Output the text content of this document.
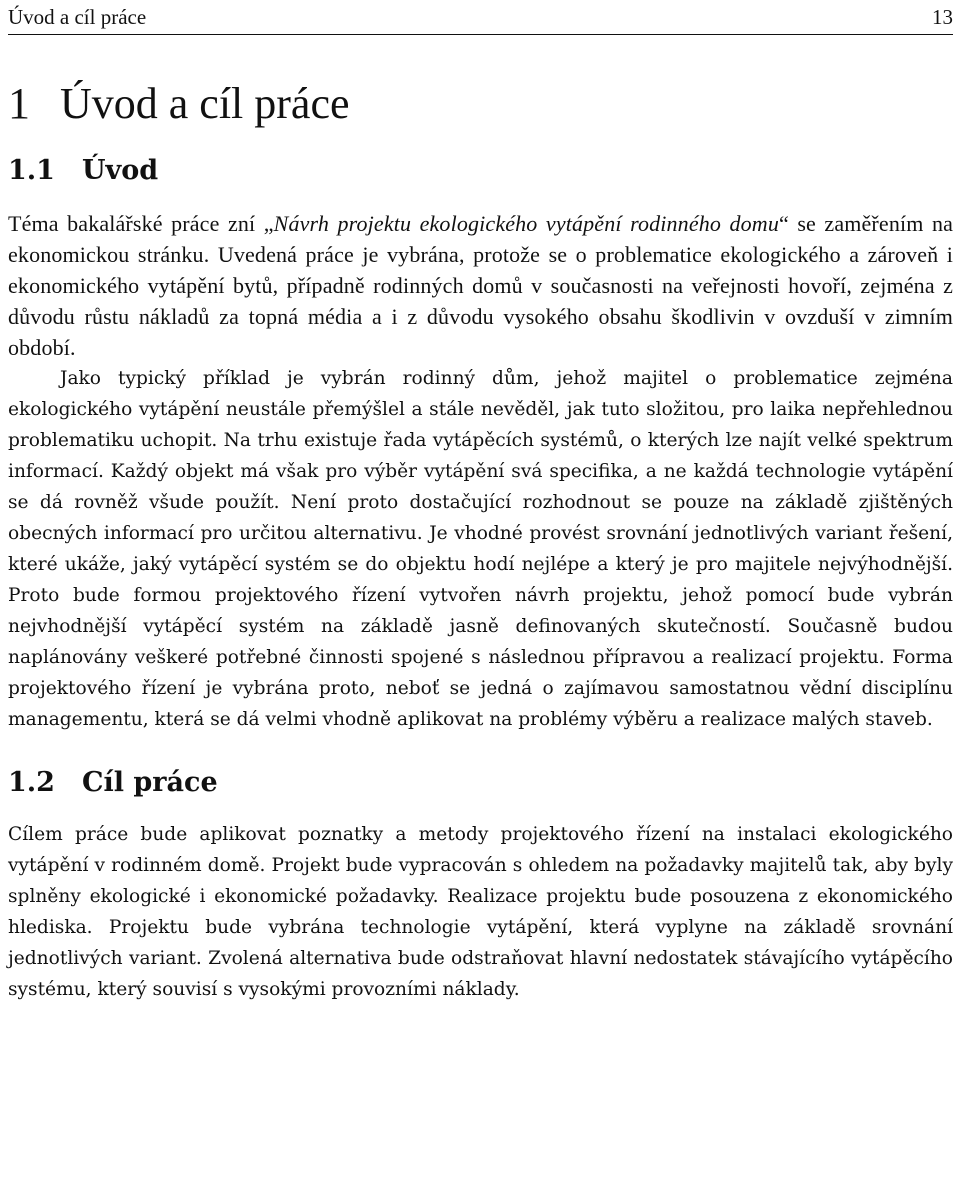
Úvod a cíl práce	13
1 Úvod a cíl práce
1.1 Úvod

Téma bakalářské práce zní „Návrh projektu ekologického vytápění rodinného domu“ se zaměřením na ekonomickou stránku. Uvedená práce je vybrána, protože se o problematice ekologického a zároveň i ekonomického vytápění bytů, případně rodinných domů v současnosti na veřejnosti hovoří, zejména z důvodu růstu nákladů za topná média a i z důvodu vysokého obsahu škodlivin v ovzduší v zimním období.

Jako typický příklad je vybrán rodinný dům, jehož majitel o problematice zejména ekologického vytápění neustále přemýšlel a stále nevěděl, jak tuto složitou, pro laika nepřehlednou problematiku uchopit. Na trhu existuje řada vytápěcích systémů, o kterých lze najít velké spektrum informací. Každý objekt má však pro výběr vytápění svá specifika, a ne každá technologie vytápění se dá rovněž všude použít. Není proto dostačující rozhodnout se pouze na základě zjištěných obecných informací pro určitou alternativu. Je vhodné provést srovnání jednotlivých variant řešení, které ukáže, jaký vytápěcí systém se do objektu hodí nejlépe a který je pro majitele nejvýhodnější. Proto bude formou projektového řízení vytvořen návrh projektu, jehož pomocí bude vybrán nejvhodnější vytápěcí systém na základě jasně definovaných skutečností. Současně budou naplánovány veškeré potřebné činnosti spojené s následnou přípravou a realizací projektu. Forma projektového řízení je vybrána proto, neboť se jedná o zajímavou samostatnou vědní disciplínu managementu, která se dá velmi vhodně aplikovat na problémy výběru a realizace malých staveb.

1.2 Cíl práce

Cílem práce bude aplikovat poznatky a metody projektového řízení na instalaci ekologického vytápění v rodinném domě. Projekt bude vypracován s ohledem na požadavky majitelů tak, aby byly splněny ekologické i ekonomické požadavky. Realizace projektu bude posouzena z ekonomického hlediska. Projektu bude vybrána technologie vytápění, která vyplyne na základě srovnání jednotlivých variant. Zvolená alternativa bude odstraňovat hlavní nedostatek stávajícího vytápěcího systému, který souvisí s vysokými provozními náklady.
